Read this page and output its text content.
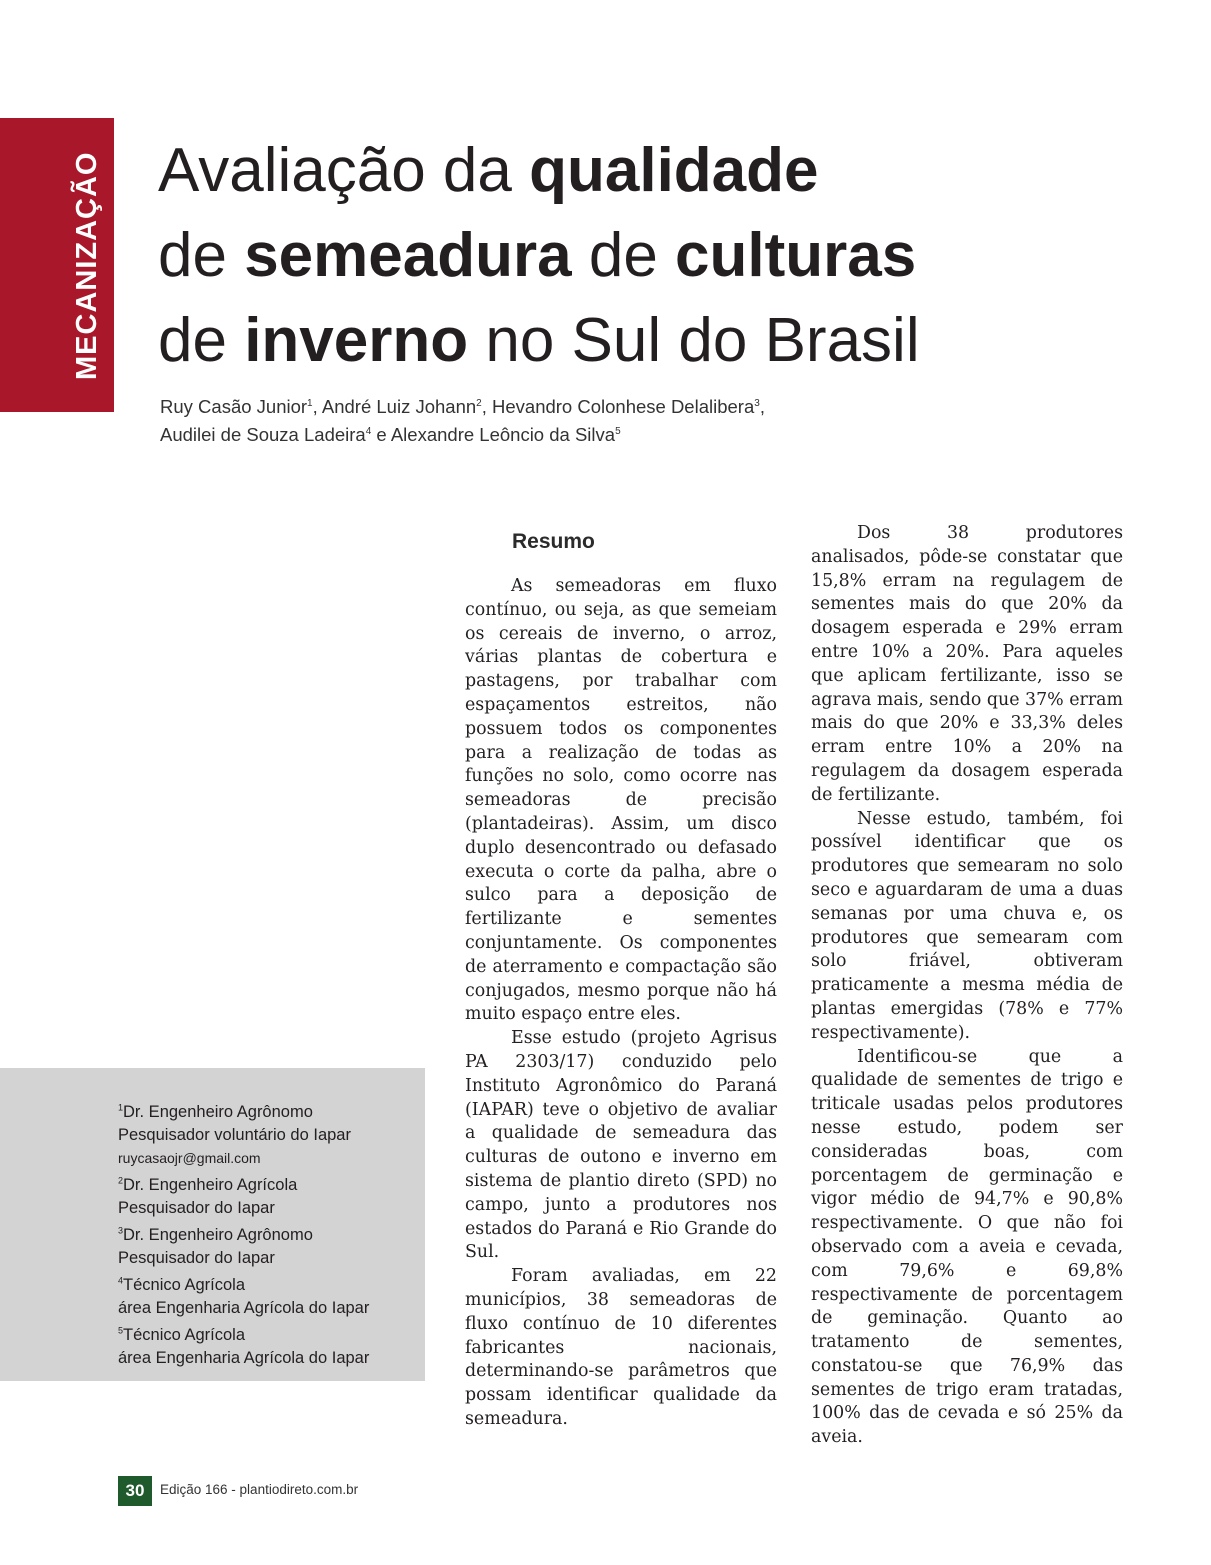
MECANIZAÇÃO Avaliação da qualidade
de semeadura de culturas
de inverno no Sul do Brasil
Ruy Casão Junior$^1$, André Luiz Johann$^2$, Hevandro Colonhese Delalibera$^3$,
Audilei de Souza Ladeira$^4$ e Alexandre Leôncio da Silva$^5$
$^1$Dr. Engenheiro Agrônomo
Pesquisador voluntário do Iapar
ruycasaojr@gmail.com
$^2$Dr. Engenheiro Agrícola
Pesquisador do Iapar
$^3$Dr. Engenheiro Agrônomo
Pesquisador do Iapar
$^4$Técnico Agrícola
área Engenharia Agrícola do Iapar
$^5$Técnico Agrícola
área Engenharia Agrícola do Iapar
Resumo

As semeadoras em fluxo contínuo, ou seja, as que semeiam os cereais de inverno, o arroz, várias plantas de cobertura e pastagens, por trabalhar com espaçamentos estreitos, não possuem todos os componentes para a realização de todas as funções no solo, como ocorre nas semeadoras de precisão (plantadeiras). Assim, um disco duplo desencontrado ou defasado executa o corte da palha, abre o sulco para a deposição de fertilizante e sementes conjuntamente. Os componentes de aterramento e compactação são conjugados, mesmo porque não há muito espaço entre eles.

Esse estudo (projeto Agrisus PA 2303/17) conduzido pelo Instituto Agronômico do Paraná (IAPAR) teve o objetivo de avaliar a qualidade de semeadura das culturas de outono e inverno em sistema de plantio direto (SPD) no campo, junto a produtores nos estados do Paraná e Rio Grande do Sul.

Foram avaliadas, em 22 municípios, 38 semeadoras de fluxo contínuo de 10 diferentes fabricantes nacionais, determinando-se parâmetros que possam identificar qualidade da semeadura.

Dos 38 produtores analisados, pôde-se constatar que 15,8% erram na regulagem de sementes mais do que 20% da dosagem esperada e 29% erram entre 10% a 20%. Para aqueles que aplicam fertilizante, isso se agrava mais, sendo que 37% erram mais do que 20% e 33,3% deles erram entre 10% a 20% na regulagem da dosagem esperada de fertilizante.

Nesse estudo, também, foi possível identificar que os produtores que semearam no solo seco e aguardaram de uma a duas semanas por uma chuva e, os produtores que semearam com solo friável, obtiveram praticamente a mesma média de plantas emergidas (78% e 77% respectivamente).

Identificou-se que a qualidade de sementes de trigo e triticale usadas pelos produtores nesse estudo, podem ser consideradas boas, com porcentagem de germinação e vigor médio de 94,7% e 90,8% respectivamente. O que não foi observado com a aveia e cevada, com 79,6% e 69,8% respectivamente de porcentagem de geminação. Quanto ao tratamento de sementes, constatou-se que 76,9% das sementes de trigo eram tratadas, 100% das de cevada e só 25% da aveia.

30	Edição 166 - plantiodireto.com.br
